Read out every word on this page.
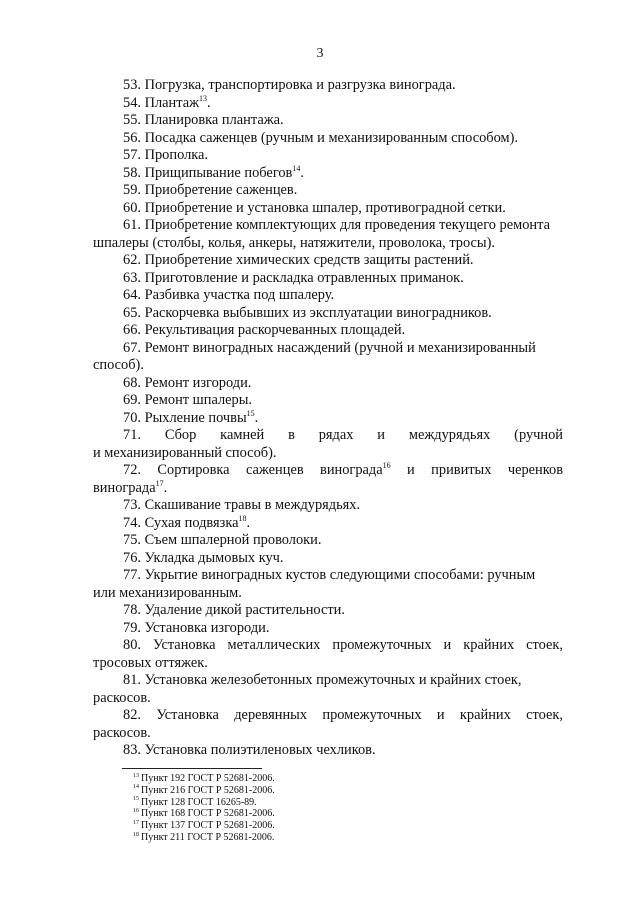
3

53. Погрузка, транспортировка и разгрузка винограда.

54. Плантаж$^{13}$.

55. Планировка плантажа.

56. Посадка саженцев (ручным и механизированным способом).

57. Прополка.

58. Прищипывание побегов$^{14}$.

59. Приобретение саженцев.

60. Приобретение и установка шпалер, противоградной сетки.

61. Приобретение комплектующих для проведения текущего ремонта

шпалеры (столбы, колья, анкеры, натяжители, проволока, тросы).

62. Приобретение химических средств защиты растений.

63. Приготовление и раскладка отравленных приманок.

64. Разбивка участка под шпалеру.

65. Раскорчевка выбывших из эксплуатации виноградников.

66. Рекультивация раскорчеванных площадей.

67. Ремонт виноградных насаждений (ручной и механизированный

способ).

68. Ремонт изгороди.

69. Ремонт шпалеры.

70. Рыхление почвы$^{15}$.

71. Сбор камней в рядах и междурядьях (ручной

и механизированный способ).

72. Сортировка саженцев винограда$^{16}$ и привитых черенков

винограда$^{17}$.

73. Скашивание травы в междурядьях.

74. Сухая подвязка$^{18}$.

75. Съем шпалерной проволоки.

76. Укладка дымовых куч.

77. Укрытие виноградных кустов следующими способами: ручным

или механизированным.

78. Удаление дикой растительности.

79. Установка изгороди.

80. Установка металлических промежуточных и крайних стоек,

тросовых оттяжек.

81. Установка железобетонных промежуточных и крайних стоек,

раскосов.

82. Установка деревянных промежуточных и крайних стоек,

раскосов.

83. Установка полиэтиленовых чехликов.

$^{13}$ Пункт 192 ГОСТ Р 52681-2006.

$^{14}$ Пункт 216 ГОСТ Р 52681-2006.

$^{15}$ Пункт 128 ГОСТ 16265-89.

$^{16}$ Пункт 168 ГОСТ Р 52681-2006.

$^{17}$ Пункт 137 ГОСТ Р 52681-2006.

$^{18}$ Пункт 211 ГОСТ Р 52681-2006.
